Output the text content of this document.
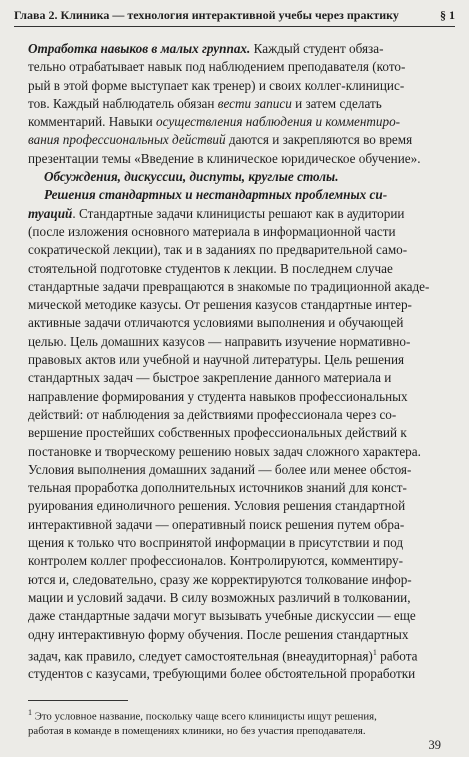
Глава 2. Клиника — технология интерактивной учебы через практику	§ 1
Отработка навыков в малых группах. Каждый студент обяза-
тельно отрабатывает навык под наблюдением преподавателя (кото-
рый в этой форме выступает как тренер) и своих коллег-клиницис-
тов. Каждый наблюдатель обязан вести записи и затем сделать
комментарий. Навыки осуществления наблюдения и комментиро-
вания профессиональных действий даются и закрепляются во время
презентации темы «Введение в клиническое юридическое обучение».
Обсуждения, дискуссии, диспуты, круглые столы.
Решения стандартных и нестандартных проблемных си-
туаций. Стандартные задачи клиницисты решают как в аудитории
(после изложения основного материала в информационной части
сократической лекции), так и в заданиях по предварительной само-
стоятельной подготовке студентов к лекции. В последнем случае
стандартные задачи превращаются в знакомые по традиционной акаде-
мической методике казусы. От решения казусов стандартные интер-
активные задачи отличаются условиями выполнения и обучающей
целью. Цель домашних казусов — направить изучение нормативно-
правовых актов или учебной и научной литературы. Цель решения
стандартных задач — быстрое закрепление данного материала и
направление формирования у студента навыков профессиональных
действий: от наблюдения за действиями профессионала через со-
вершение простейших собственных профессиональных действий к
постановке и творческому решению новых задач сложного характера.
Условия выполнения домашних заданий — более или менее обстоя-
тельная проработка дополнительных источников знаний для конст-
руирования единоличного решения. Условия решения стандартной
интерактивной задачи — оперативный поиск решения путем обра-
щения к только что воспринятой информации в присутствии и под
контролем коллег профессионалов. Контролируются, комментиру-
ются и, следовательно, сразу же корректируются толкование инфор-
мации и условий задачи. В силу возможных различий в толковании,
даже стандартные задачи могут вызывать учебные дискуссии — еще
одну интерактивную форму обучения. После решения стандартных
задач, как правило, следует самостоятельная (внеаудиторная)$^1$ работа
студентов с казусами, требующими более обстоятельной проработки
$^1$ Это условное название, поскольку чаще всего клиницисты ищут решения,
работая в команде в помещениях клиники, но без участия преподавателя.
39
